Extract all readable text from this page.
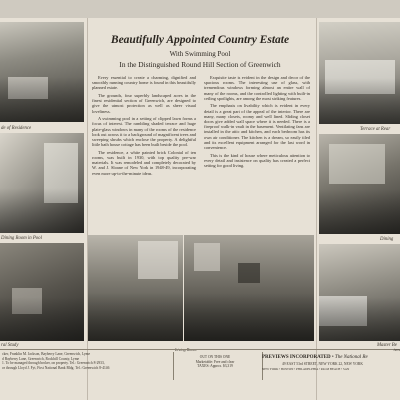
de of Residence
Dining Room in Pool
ral Study
Beautifully Appointed Country Estate
With Swimming Pool
In the Distinguished Round Hill Section of Greenwich

Every essential to create a charming, dignified and smoothly running country home is found in this beautifully planned estate.

The grounds, four superbly landscaped acres in the finest residential section of Greenwich, are designed to give the utmost protection as well as sheer visual loveliness.

A swimming pool in a setting of clipped lawn forms a focus of interest. The rambling shaded terrace and huge plate-glass windows in many of the rooms of the residence look out across it to a background of magnificent trees and sweeping shrubs which enclose the property. A delightful little bath house cottage has been built beside the pool.

The residence, a white painted brick Colonial of ten rooms, was built in 1930, with top quality pre-war materials. It was remodeled and completely decorated by W. and J. Sloane of New York in 1948-49, incorporating even more up-to-the-minute ideas.

Exquisite taste is evident in the design and decor of the spacious rooms. The interesting use of glass, with tremendous windows forming almost an entire wall of many of the rooms, and the controlled lighting with built-in ceiling spotlights, are among the most striking features.

The emphasis on livability which is evident in every detail is a great part of the appeal of the interior. There are many, many closets, roomy and well lined. Sliding closet doors give added wall space where it is needed. There is a fireproof walk-in vault in the basement. Ventilating fans are installed in the attic and kitchen, and each bedroom has its own air conditioner. The kitchen is a dream, so easily tiled and its excellent equipment arranged for the last word in convenience.

This is the kind of house where meticulous attention to every detail and insistence on quality has created a perfect setting for good living.

Living Room
Terrace at Rear
Dining
Master Be
cker, Franklin M. Jackson, Bayberry Lane, Greenwich, Lyme
d Bayberry Lane, Greenwich, Rockhill County, Lyme
1. To be managed through broker, on property. Tel.: Greenwich 8-2933,
or through Lloyd J. Fyt, First National Bank Bldg. Tel.: Greenwich 8-4146
OUT ON THIS ONE
Marketable: Free and clear
TAXES: Approx. $3,319
ives
PREVIEWS INCORPORATED • The National Re
49 EAST 53rd STREET, NEW YORK 22, NEW YORK
NEW YORK • BOSTON • PHILADELPHIA • PALM BEACH • SAN
